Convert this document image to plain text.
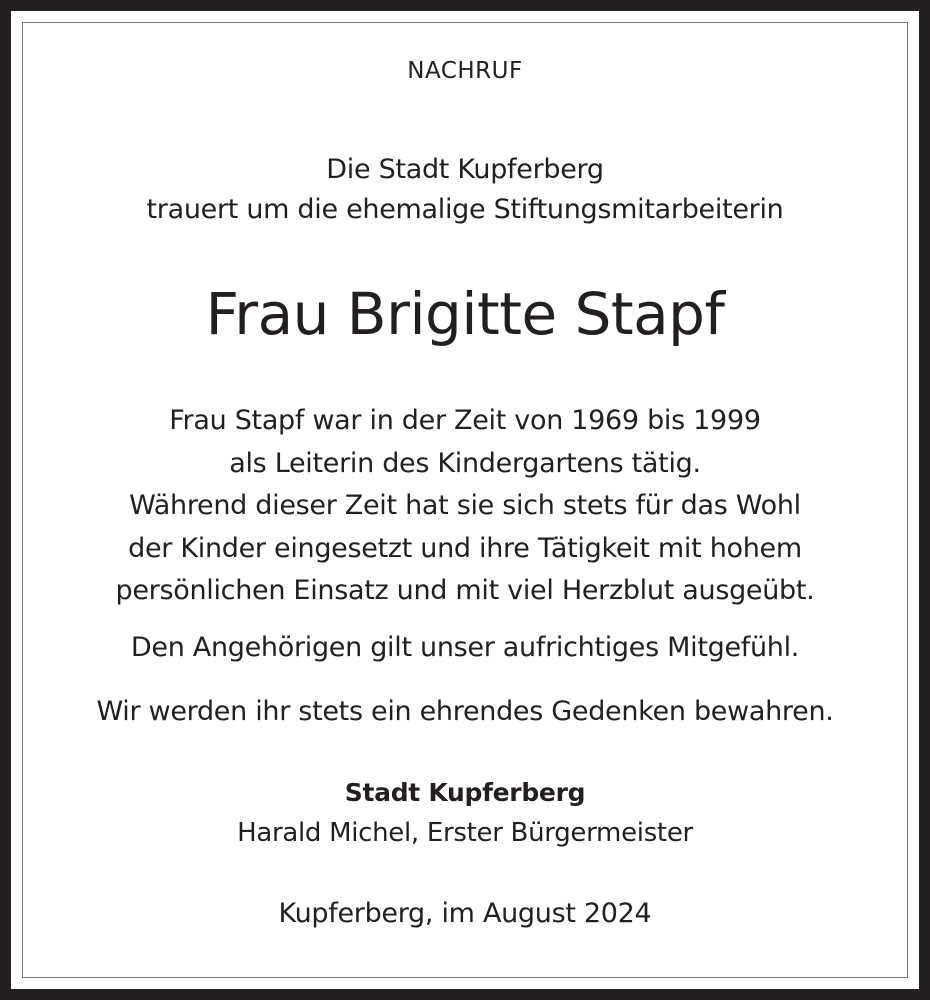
NACHRUF
Die Stadt Kupferberg
trauert um die ehemalige Stiftungsmitarbeiterin
Frau Brigitte Stapf
Frau Stapf war in der Zeit von 1969 bis 1999
als Leiterin des Kindergartens tätig.
Während dieser Zeit hat sie sich stets für das Wohl
der Kinder eingesetzt und ihre Tätigkeit mit hohem
persönlichen Einsatz und mit viel Herzblut ausgeübt.
Den Angehörigen gilt unser aufrichtiges Mitgefühl.
Wir werden ihr stets ein ehrendes Gedenken bewahren.
Stadt Kupferberg
Harald Michel, Erster Bürgermeister
Kupferberg, im August 2024
